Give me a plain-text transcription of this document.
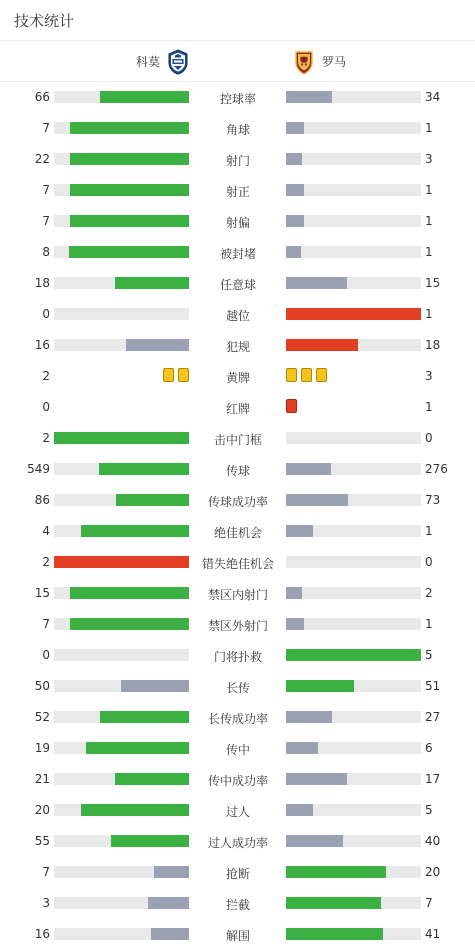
技术统计
科莫	罗马
66	控球率	34
7	角球	1
22	射门	3
7	射正	1
7	射偏	1
8	被封堵	1
18	任意球	15
0	越位	1
16	犯规	18
2	黄牌	3
0	红牌	1
2	击中门框	0
549	传球	276
86	传球成功率	73
4	绝佳机会	1
2	错失绝佳机会	0
15	禁区内射门	2
7	禁区外射门	1
0	门将扑救	5
50	长传	51
52	长传成功率	27
19	传中	6
21	传中成功率	17
20	过人	5
55	过人成功率	40
7	抢断	20
3	拦截	7
16	解围	41
